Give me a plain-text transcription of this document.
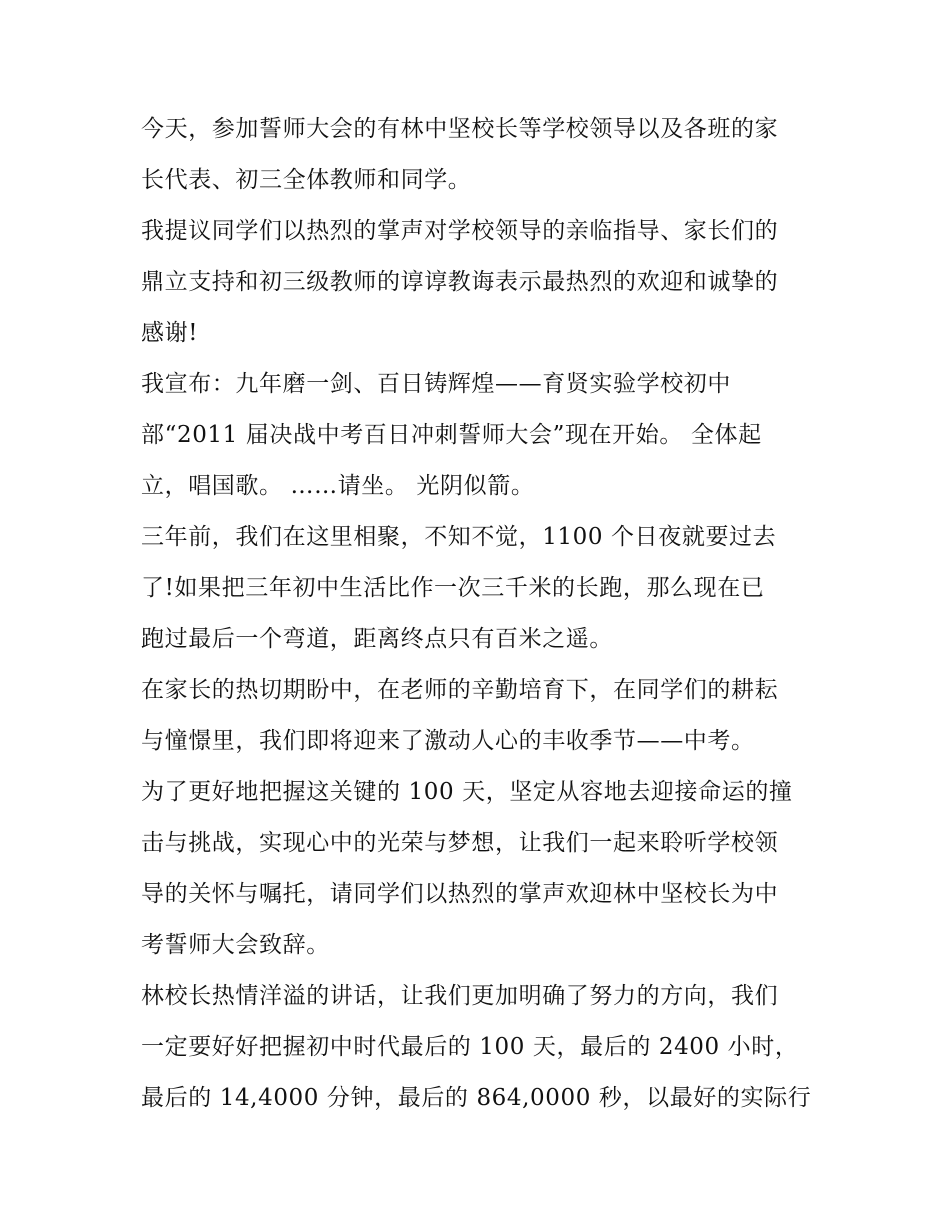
今天，参加誓师大会的有林中坚校长等学校领导以及各班的家
长代表、初三全体教师和同学。
我提议同学们以热烈的掌声对学校领导的亲临指导、家长们的
鼎立支持和初三级教师的谆谆教诲表示最热烈的欢迎和诚挚的
感谢!
我宣布：九年磨一剑、百日铸辉煌——育贤实验学校初中
部“2011 届决战中考百日冲刺誓师大会”现在开始。 全体起
立，唱国歌。 ……请坐。 光阴似箭。
三年前，我们在这里相聚，不知不觉，1100 个日夜就要过去
了!如果把三年初中生活比作一次三千米的长跑，那么现在已
跑过最后一个弯道，距离终点只有百米之遥。
在家长的热切期盼中，在老师的辛勤培育下，在同学们的耕耘
与憧憬里，我们即将迎来了激动人心的丰收季节——中考。
为了更好地把握这关键的 100 天，坚定从容地去迎接命运的撞
击与挑战，实现心中的光荣与梦想，让我们一起来聆听学校领
导的关怀与嘱托，请同学们以热烈的掌声欢迎林中坚校长为中
考誓师大会致辞。
林校长热情洋溢的讲话，让我们更加明确了努力的方向，我们
一定要好好把握初中时代最后的 100 天，最后的 2400 小时，
最后的 14,4000 分钟，最后的 864,0000 秒，以最好的实际行
